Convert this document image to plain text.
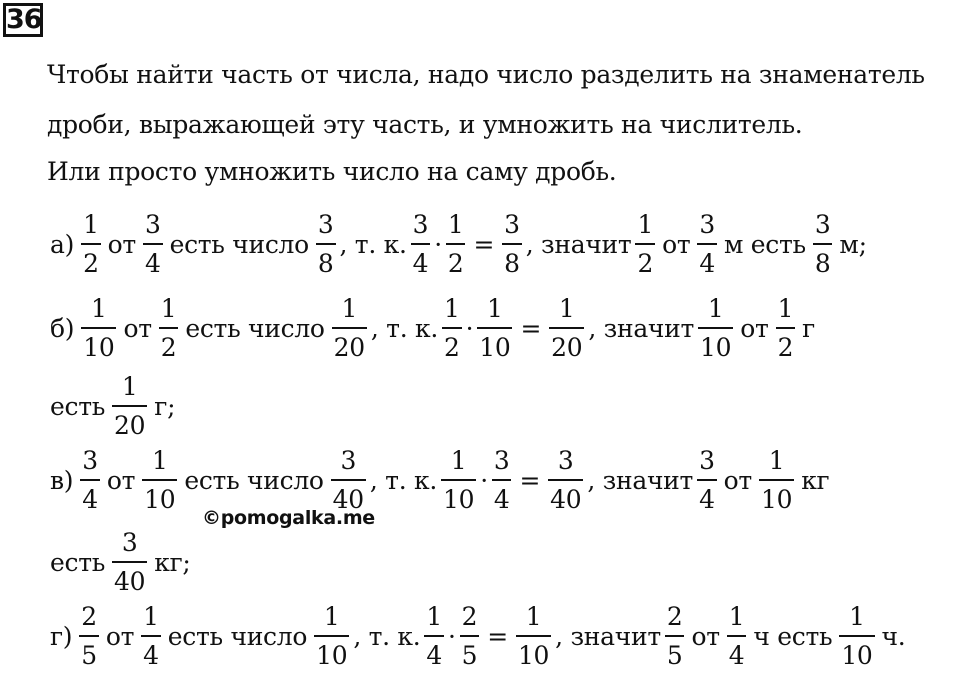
36
Чтобы найти часть от числа, надо число разделить на знаменатель
дроби, выражающей эту часть, и умножить на числитель.
Или просто умножить число на саму дробь.
$а) \frac{1}{2}$ от $\frac{3}{4}$ есть число $\frac{3}{8}$ , т. к. $\frac{3}{4} \cdot \frac{1}{2} = \frac{3}{8}$ , значит $\frac{1}{2}$ от $\frac{3}{4}$ м есть $\frac{3}{8} м$;
$б) \frac{1}{10}$ от $\frac{1}{2}$ есть число $\frac{1}{20}$ , т. к. $\frac{1}{2} \cdot \frac{1}{10} = \frac{1}{20}$ , значит $\frac{1}{10}$ от $\frac{1}{2}$ г
есть $\frac{1}{20} г$;
$в) \frac{3}{4}$ от $\frac{1}{10}$ есть число $\frac{3}{40}$ , т. к. $\frac{1}{10} \cdot \frac{3}{4} = \frac{3}{40}$ , значит $\frac{3}{4}$ от $\frac{1}{10}$ кг
©pomogalka.me
есть $\frac{3}{40}$ кг;
$г) \frac{2}{5}$ от $\frac{1}{4}$ есть число $\frac{1}{10}$ , т. к. $\frac{1}{4} \cdot \frac{2}{5} = \frac{1}{10}$ , значит $\frac{2}{5}$ от $\frac{1}{4}$ ч есть $\frac{1}{10} ч$.
